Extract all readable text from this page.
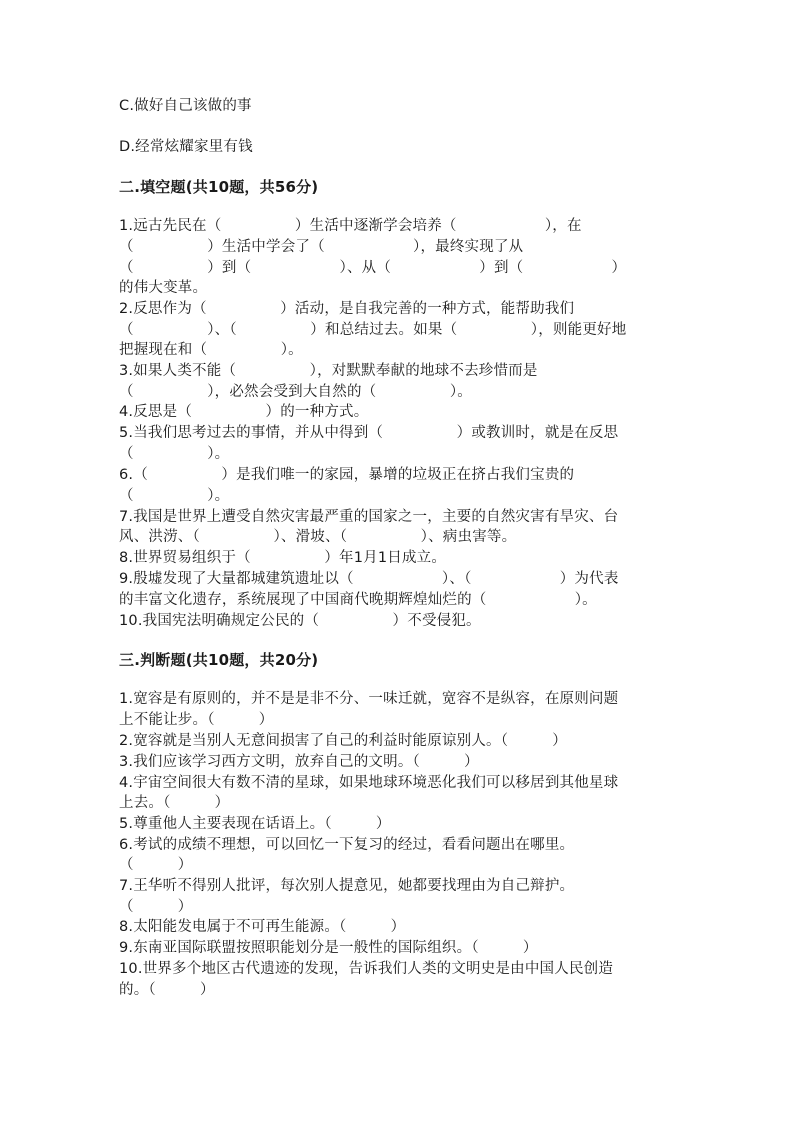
C.做好自己该做的事
D.经常炫耀家里有钱
二.填空题(共10题，共56分)
1.远古先民在（　　　　　）生活中逐渐学会培养（　　　　　　），在
（　　　　　）生活中学会了（　　　　　　），最终实现了从
（　　　　　）到（　　　　　　）、从（　　　　　　）到（　　　　　　）
的伟大变革。
2.反思作为（　　　　　）活动，是自我完善的一种方式，能帮助我们
（　　　　　）、（　　　　　）和总结过去。如果（　　　　　），则能更好地
把握现在和（　　　　　）。
3.如果人类不能（　　　　　），对默默奉献的地球不去珍惜而是
（　　　　　），必然会受到大自然的（　　　　　）。
4.反思是（　　　　　）的一种方式。
5.当我们思考过去的事情，并从中得到（　　　　　）或教训时，就是在反思
（　　　　　）。
6.（　　　　　）是我们唯一的家园，暴增的垃圾正在挤占我们宝贵的
（　　　　　）。
7.我国是世界上遭受自然灾害最严重的国家之一，主要的自然灾害有旱灾、台
风、洪涝、（　　　　　）、滑坡、（　　　　　）、病虫害等。
8.世界贸易组织于（　　　　　）年1月1日成立。
9.殷墟发现了大量都城建筑遗址以（　　　　　　）、（　　　　　　）为代表
的丰富文化遗存，系统展现了中国商代晚期辉煌灿烂的（　　　　　　）。
10.我国宪法明确规定公民的（　　　　　）不受侵犯。
三.判断题(共10题，共20分)
1.宽容是有原则的，并不是是非不分、一味迁就，宽容不是纵容，在原则问题
上不能让步。（　　　）
2.宽容就是当别人无意间损害了自己的利益时能原谅别人。（　　　）
3.我们应该学习西方文明，放弃自己的文明。（　　　）
4.宇宙空间很大有数不清的星球，如果地球环境恶化我们可以移居到其他星球
上去。（　　　）
5.尊重他人主要表现在话语上。（　　　）
6.考试的成绩不理想，可以回忆一下复习的经过，看看问题出在哪里。
（　　　）
7.王华听不得别人批评，每次别人提意见，她都要找理由为自己辩护。
（　　　）
8.太阳能发电属于不可再生能源。（　　　）
9.东南亚国际联盟按照职能划分是一般性的国际组织。（　　　）
10.世界多个地区古代遗迹的发现，告诉我们人类的文明史是由中国人民创造
的。（　　　）
